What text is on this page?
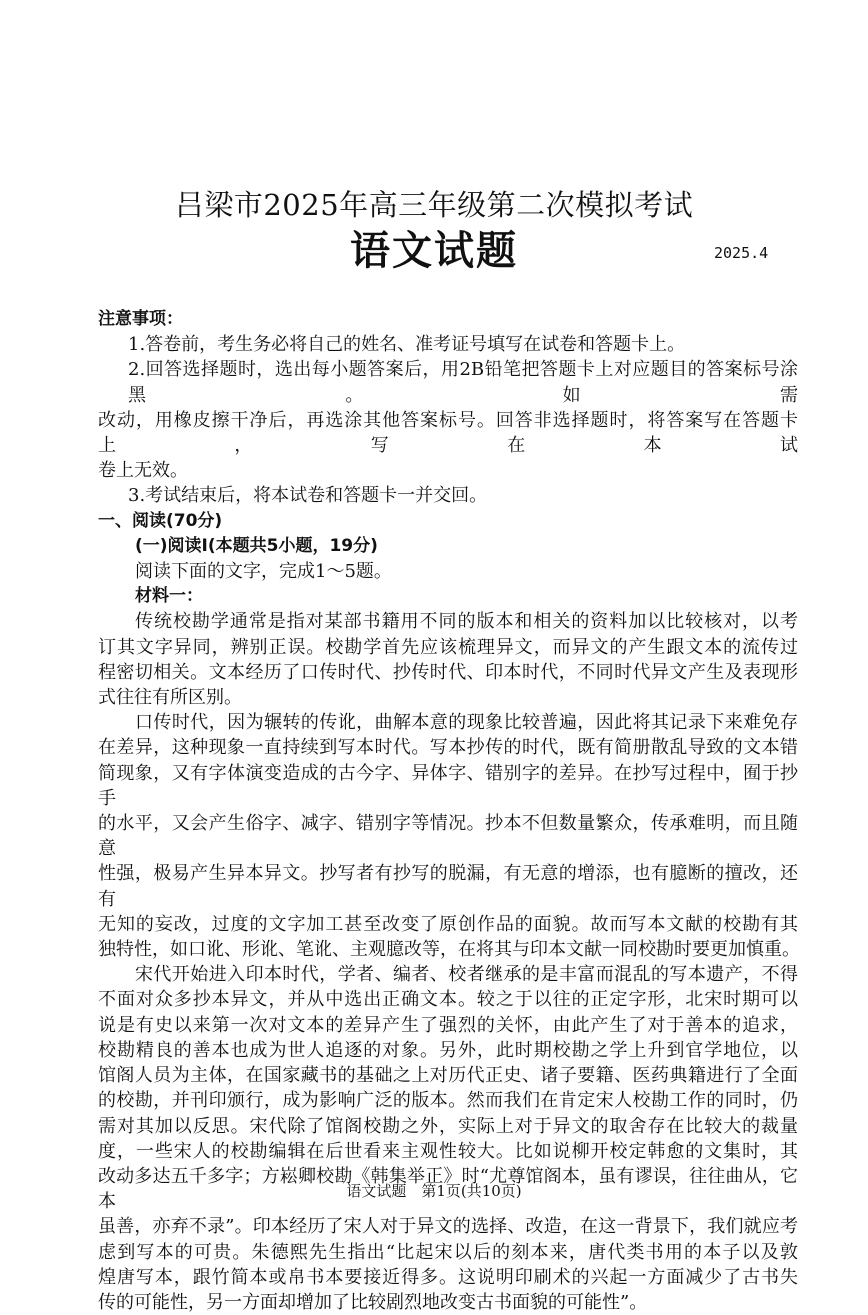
吕梁市2025年高三年级第二次模拟考试
语文试题	2025.4
注意事项：
1.答卷前，考生务必将自己的姓名、准考证号填写在试卷和答题卡上。
2.回答选择题时，选出每小题答案后，用2B铅笔把答题卡上对应题目的答案标号涂黑。如需
改动，用橡皮擦干净后，再选涂其他答案标号。回答非选择题时，将答案写在答题卡上，写在本试
卷上无效。
3.考试结束后，将本试卷和答题卡一并交回。
一、阅读(70分)
(一)阅读Ⅰ(本题共5小题，19分)
阅读下面的文字，完成1～5题。
材料一：
传统校勘学通常是指对某部书籍用不同的版本和相关的资料加以比较核对，以考
订其文字异同，辨别正误。校勘学首先应该梳理异文，而异文的产生跟文本的流传过
程密切相关。文本经历了口传时代、抄传时代、印本时代，不同时代异文产生及表现形
式往往有所区别。
口传时代，因为辗转的传讹，曲解本意的现象比较普遍，因此将其记录下来难免存
在差异，这种现象一直持续到写本时代。写本抄传的时代，既有简册散乱导致的文本错
简现象，又有字体演变造成的古今字、异体字、错别字的差异。在抄写过程中，囿于抄手
的水平，又会产生俗字、减字、错别字等情况。抄本不但数量繁众，传承难明，而且随意
性强，极易产生异本异文。抄写者有抄写的脱漏，有无意的增添，也有臆断的擅改，还有
无知的妄改，过度的文字加工甚至改变了原创作品的面貌。故而写本文献的校勘有其
独特性，如口讹、形讹、笔讹、主观臆改等，在将其与印本文献一同校勘时要更加慎重。
宋代开始进入印本时代，学者、编者、校者继承的是丰富而混乱的写本遗产，不得
不面对众多抄本异文，并从中选出正确文本。较之于以往的正定字形，北宋时期可以
说是有史以来第一次对文本的差异产生了强烈的关怀，由此产生了对于善本的追求，
校勘精良的善本也成为世人追逐的对象。另外，此时期校勘之学上升到官学地位，以
馆阁人员为主体，在国家藏书的基础之上对历代正史、诸子要籍、医药典籍进行了全面
的校勘，并刊印颁行，成为影响广泛的版本。然而我们在肯定宋人校勘工作的同时，仍
需对其加以反思。宋代除了馆阁校勘之外，实际上对于异文的取舍存在比较大的裁量
度，一些宋人的校勘编辑在后世看来主观性较大。比如说柳开校定韩愈的文集时，其
改动多达五千多字；方崧卿校勘《韩集举正》时“尤尊馆阁本，虽有谬误，往往曲从，它本
虽善，亦弃不录”。印本经历了宋人对于异文的选择、改造，在这一背景下，我们就应考
虑到写本的可贵。朱德熙先生指出“比起宋以后的刻本来，唐代类书用的本子以及敦
煌唐写本，跟竹简本或帛书本要接近得多。这说明印刷术的兴起一方面减少了古书失
传的可能性，另一方面却增加了比较剧烈地改变古书面貌的可能性”。
语文试题　第1页(共10页)
